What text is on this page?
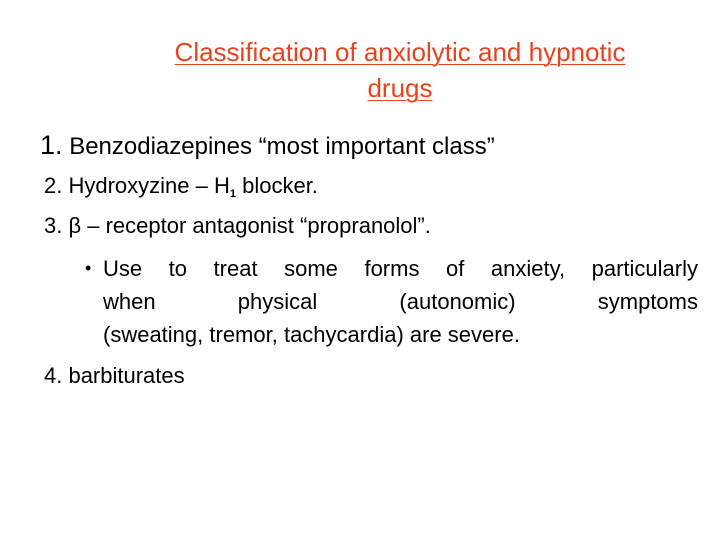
Classification of anxiolytic and hypnotic
drugs
1. Benzodiazepines “most important class”
2. Hydroxyzine – $H_1$ blocker.
3. β – receptor antagonist “propranolol”.
• Use to treat some forms of anxiety, particularly
when physical (autonomic) symptoms
(sweating, tremor, tachycardia) are severe.
4. barbiturates
